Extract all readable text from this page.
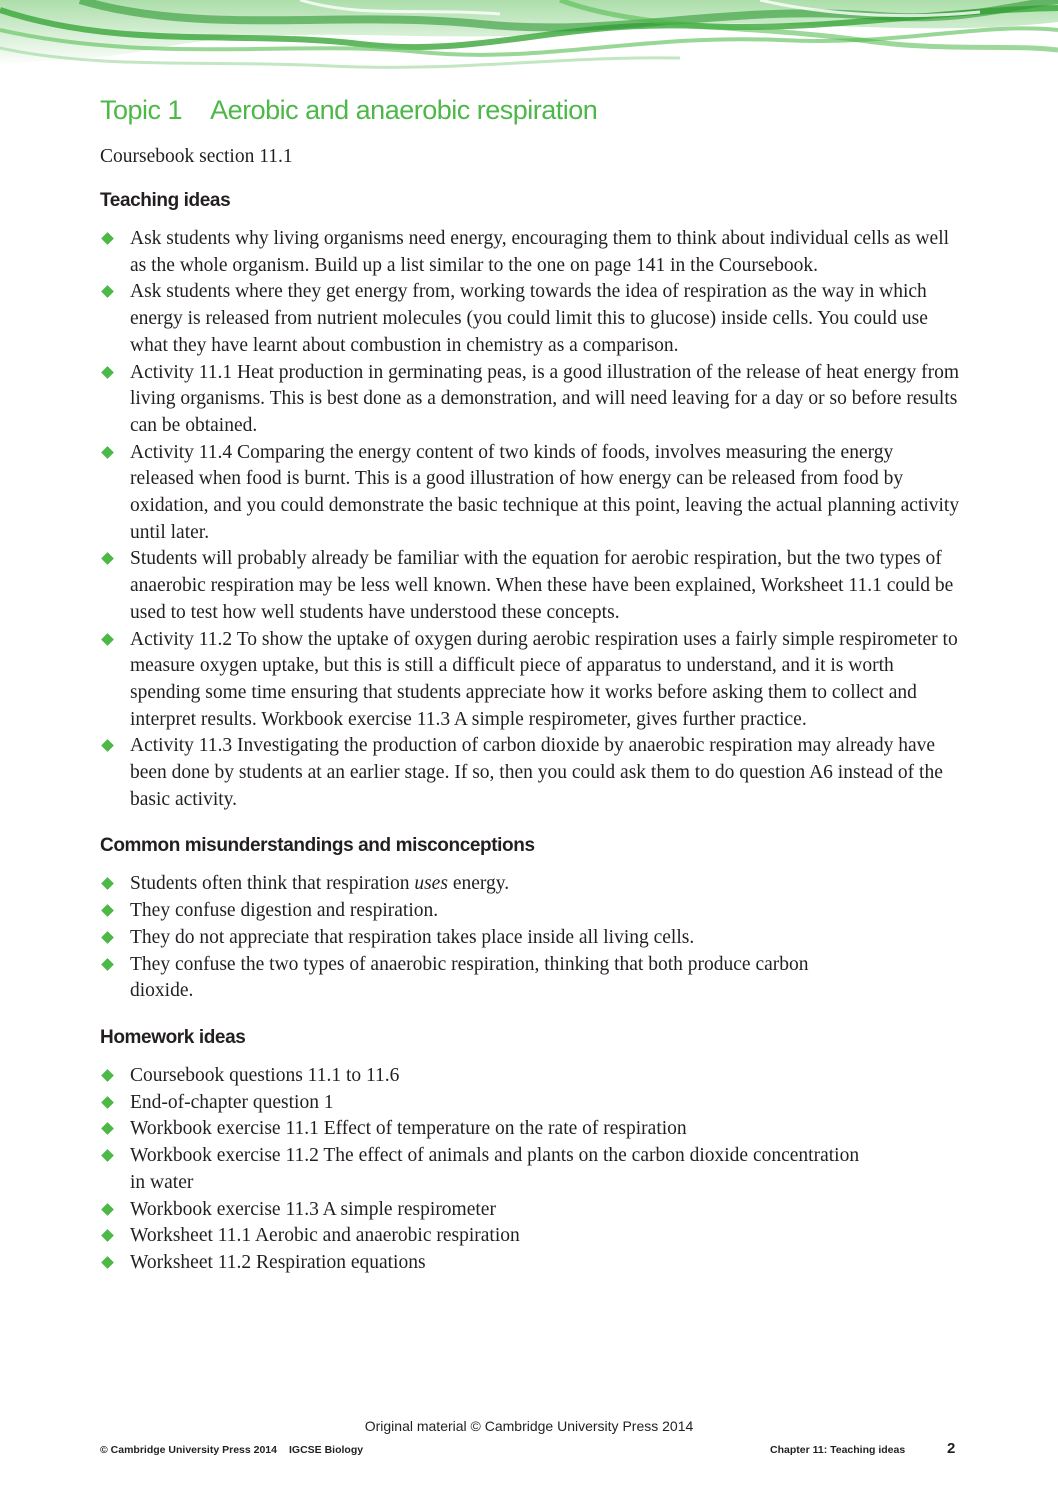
Topic 1 Aerobic and anaerobic respiration

Coursebook section 11.1

Teaching ideas
Ask students why living organisms need energy, encouraging them to think about individual cells as well as the whole organism. Build up a list similar to the one on page 141 in the Coursebook.
Ask students where they get energy from, working towards the idea of respiration as the way in which energy is released from nutrient molecules (you could limit this to glucose) inside cells. You could use what they have learnt about combustion in chemistry as a comparison.
Activity 11.1 Heat production in germinating peas, is a good illustration of the release of heat energy from living organisms. This is best done as a demonstration, and will need leaving for a day or so before results can be obtained.
Activity 11.4 Comparing the energy content of two kinds of foods, involves measuring the energy released when food is burnt. This is a good illustration of how energy can be released from food by oxidation, and you could demonstrate the basic technique at this point, leaving the actual planning activity until later.
Students will probably already be familiar with the equation for aerobic respiration, but the two types of anaerobic respiration may be less well known. When these have been explained, Worksheet 11.1 could be used to test how well students have understood these concepts.
Activity 11.2 To show the uptake of oxygen during aerobic respiration uses a fairly simple respirometer to measure oxygen uptake, but this is still a difficult piece of apparatus to understand, and it is worth spending some time ensuring that students appreciate how it works before asking them to collect and interpret results. Workbook exercise 11.3 A simple respirometer, gives further practice.
Activity 11.3 Investigating the production of carbon dioxide by anaerobic respiration may already have been done by students at an earlier stage. If so, then you could ask them to do question A6 instead of the basic activity.
Common misunderstandings and misconceptions
Students often think that respiration uses energy.
They confuse digestion and respiration.
They do not appreciate that respiration takes place inside all living cells.
They confuse the two types of anaerobic respiration, thinking that both produce carbon dioxide.
Homework ideas
Coursebook questions 11.1 to 11.6
End-of-chapter question 1
Workbook exercise 11.1 Effect of temperature on the rate of respiration
Workbook exercise 11.2 The effect of animals and plants on the carbon dioxide concentration in water
Workbook exercise 11.3 A simple respirometer
Worksheet 11.1 Aerobic and anaerobic respiration
Worksheet 11.2 Respiration equations
Original material © Cambridge University Press 2014
© Cambridge University Press 2014 IGCSE Biology	Chapter 11: Teaching ideas	2
